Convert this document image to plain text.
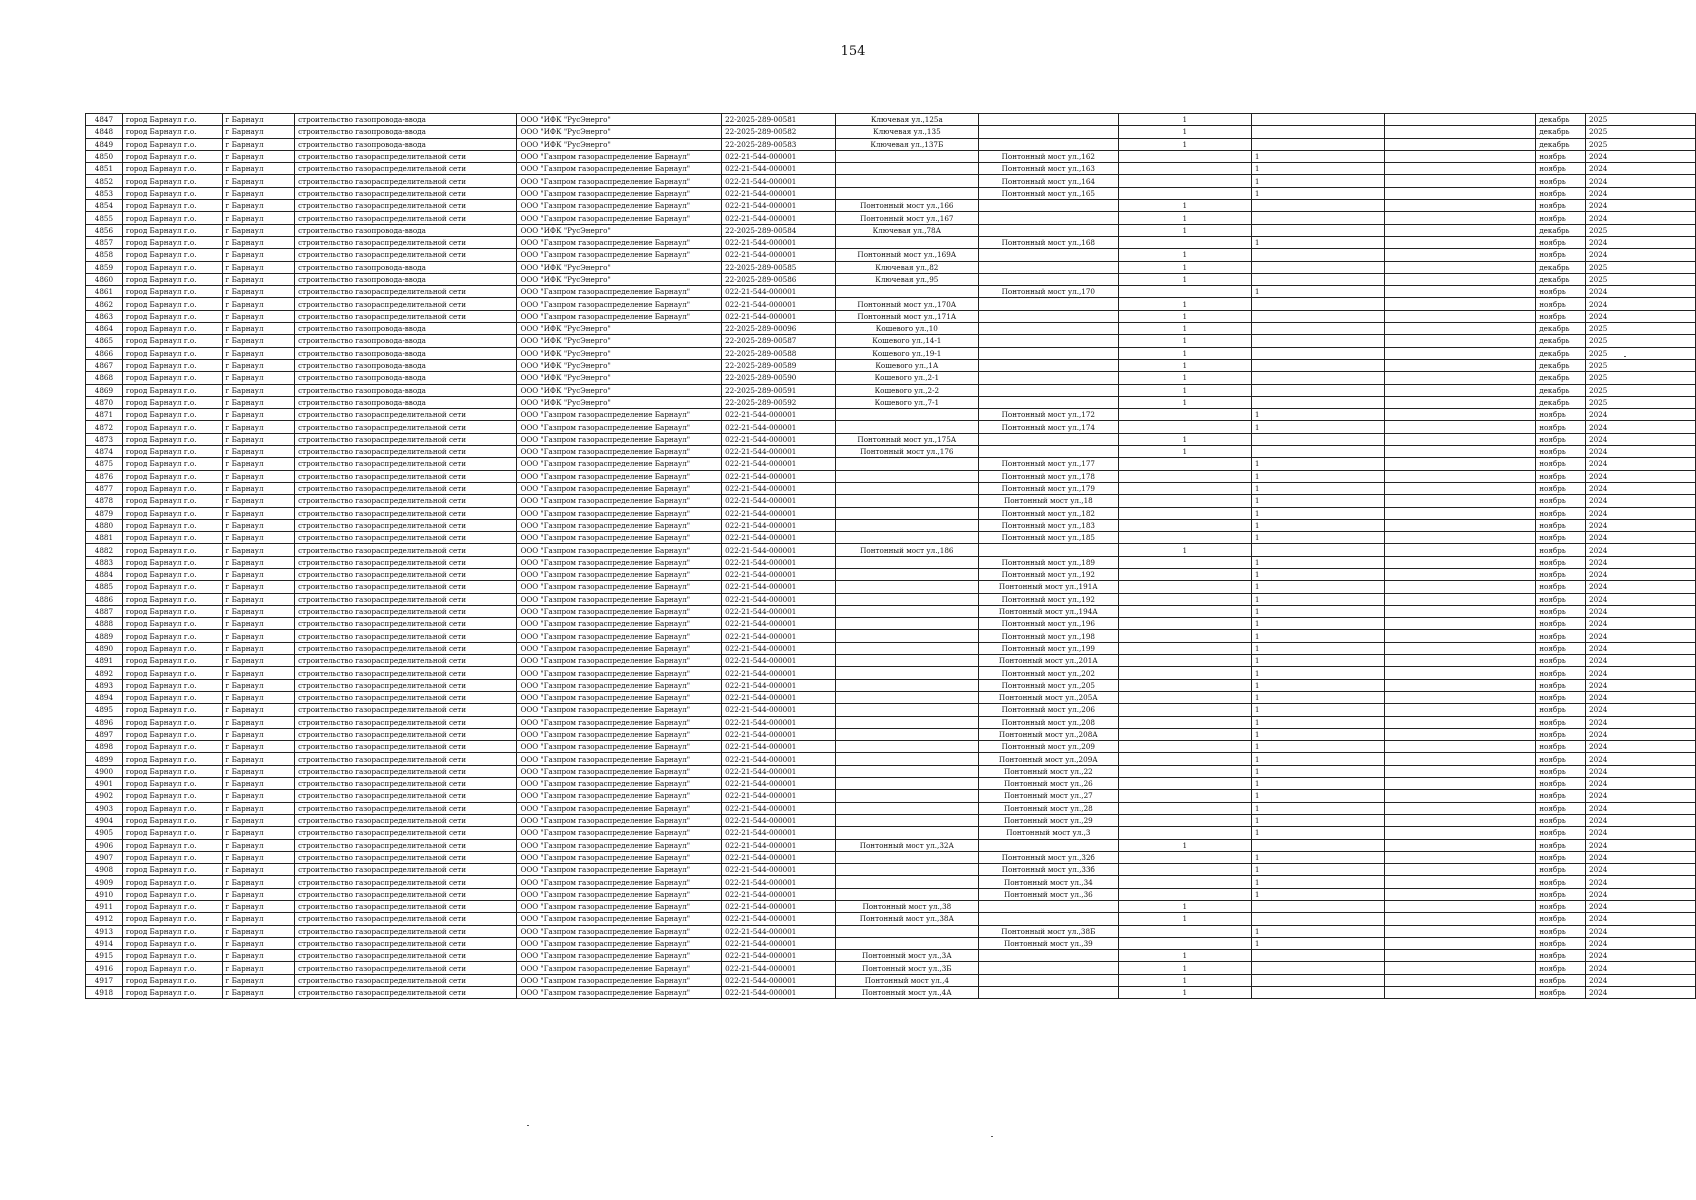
154
4847	город Барнаул г.о.	г Барнаул	строительство газопровода-ввода	ООО "ИФК "РусЭнерго"	22-2025-289-00581	Ключевая ул.,125а		1			декабрь	2025
4848	город Барнаул г.о.	г Барнаул	строительство газопровода-ввода	ООО "ИФК "РусЭнерго"	22-2025-289-00582	Ключевая ул.,135		1			декабрь	2025
4849	город Барнаул г.о.	г Барнаул	строительство газопровода-ввода	ООО "ИФК "РусЭнерго"	22-2025-289-00583	Ключевая ул.,137Б		1			декабрь	2025
4850	город Барнаул г.о.	г Барнаул	строительство газораспределительной сети	ООО "Газпром газораспределение Барнаул"	022-21-544-000001		Понтонный мост ул.,162		1		ноябрь	2024
4851	город Барнаул г.о.	г Барнаул	строительство газораспределительной сети	ООО "Газпром газораспределение Барнаул"	022-21-544-000001		Понтонный мост ул.,163		1		ноябрь	2024
4852	город Барнаул г.о.	г Барнаул	строительство газораспределительной сети	ООО "Газпром газораспределение Барнаул"	022-21-544-000001		Понтонный мост ул.,164		1		ноябрь	2024
4853	город Барнаул г.о.	г Барнаул	строительство газораспределительной сети	ООО "Газпром газораспределение Барнаул"	022-21-544-000001		Понтонный мост ул.,165		1		ноябрь	2024
4854	город Барнаул г.о.	г Барнаул	строительство газораспределительной сети	ООО "Газпром газораспределение Барнаул"	022-21-544-000001	Понтонный мост ул.,166		1			ноябрь	2024
4855	город Барнаул г.о.	г Барнаул	строительство газораспределительной сети	ООО "Газпром газораспределение Барнаул"	022-21-544-000001	Понтонный мост ул.,167		1			ноябрь	2024
4856	город Барнаул г.о.	г Барнаул	строительство газопровода-ввода	ООО "ИФК "РусЭнерго"	22-2025-289-00584	Ключевая ул.,78А		1			декабрь	2025
4857	город Барнаул г.о.	г Барнаул	строительство газораспределительной сети	ООО "Газпром газораспределение Барнаул"	022-21-544-000001		Понтонный мост ул.,168		1		ноябрь	2024
4858	город Барнаул г.о.	г Барнаул	строительство газораспределительной сети	ООО "Газпром газораспределение Барнаул"	022-21-544-000001	Понтонный мост ул.,169А		1			ноябрь	2024
4859	город Барнаул г.о.	г Барнаул	строительство газопровода-ввода	ООО "ИФК "РусЭнерго"	22-2025-289-00585	Ключевая ул.,82		1			декабрь	2025
4860	город Барнаул г.о.	г Барнаул	строительство газопровода-ввода	ООО "ИФК "РусЭнерго"	22-2025-289-00586	Ключевая ул.,95		1			декабрь	2025
4861	город Барнаул г.о.	г Барнаул	строительство газораспределительной сети	ООО "Газпром газораспределение Барнаул"	022-21-544-000001		Понтонный мост ул.,170		1		ноябрь	2024
4862	город Барнаул г.о.	г Барнаул	строительство газораспределительной сети	ООО "Газпром газораспределение Барнаул"	022-21-544-000001	Понтонный мост ул.,170А		1			ноябрь	2024
4863	город Барнаул г.о.	г Барнаул	строительство газораспределительной сети	ООО "Газпром газораспределение Барнаул"	022-21-544-000001	Понтонный мост ул.,171А		1			ноябрь	2024
4864	город Барнаул г.о.	г Барнаул	строительство газопровода-ввода	ООО "ИФК "РусЭнерго"	22-2025-289-00096	Кошевого ул.,10		1			декабрь	2025
4865	город Барнаул г.о.	г Барнаул	строительство газопровода-ввода	ООО "ИФК "РусЭнерго"	22-2025-289-00587	Кошевого ул.,14-1		1			декабрь	2025
4866	город Барнаул г.о.	г Барнаул	строительство газопровода-ввода	ООО "ИФК "РусЭнерго"	22-2025-289-00588	Кошевого ул.,19-1		1			декабрь	2025
4867	город Барнаул г.о.	г Барнаул	строительство газопровода-ввода	ООО "ИФК "РусЭнерго"	22-2025-289-00589	Кошевого ул.,1А		1			декабрь	2025
4868	город Барнаул г.о.	г Барнаул	строительство газопровода-ввода	ООО "ИФК "РусЭнерго"	22-2025-289-00590	Кошевого ул.,2-1		1			декабрь	2025
4869	город Барнаул г.о.	г Барнаул	строительство газопровода-ввода	ООО "ИФК "РусЭнерго"	22-2025-289-00591	Кошевого ул.,2-2		1			декабрь	2025
4870	город Барнаул г.о.	г Барнаул	строительство газопровода-ввода	ООО "ИФК "РусЭнерго"	22-2025-289-00592	Кошевого ул.,7-1		1			декабрь	2025
4871	город Барнаул г.о.	г Барнаул	строительство газораспределительной сети	ООО "Газпром газораспределение Барнаул"	022-21-544-000001		Понтонный мост ул.,172		1		ноябрь	2024
4872	город Барнаул г.о.	г Барнаул	строительство газораспределительной сети	ООО "Газпром газораспределение Барнаул"	022-21-544-000001		Понтонный мост ул.,174		1		ноябрь	2024
4873	город Барнаул г.о.	г Барнаул	строительство газораспределительной сети	ООО "Газпром газораспределение Барнаул"	022-21-544-000001	Понтонный мост ул.,175А		1			ноябрь	2024
4874	город Барнаул г.о.	г Барнаул	строительство газораспределительной сети	ООО "Газпром газораспределение Барнаул"	022-21-544-000001	Понтонный мост ул.,176		1			ноябрь	2024
4875	город Барнаул г.о.	г Барнаул	строительство газораспределительной сети	ООО "Газпром газораспределение Барнаул"	022-21-544-000001		Понтонный мост ул.,177		1		ноябрь	2024
4876	город Барнаул г.о.	г Барнаул	строительство газораспределительной сети	ООО "Газпром газораспределение Барнаул"	022-21-544-000001		Понтонный мост ул.,178		1		ноябрь	2024
4877	город Барнаул г.о.	г Барнаул	строительство газораспределительной сети	ООО "Газпром газораспределение Барнаул"	022-21-544-000001		Понтонный мост ул.,179		1		ноябрь	2024
4878	город Барнаул г.о.	г Барнаул	строительство газораспределительной сети	ООО "Газпром газораспределение Барнаул"	022-21-544-000001		Понтонный мост ул.,18		1		ноябрь	2024
4879	город Барнаул г.о.	г Барнаул	строительство газораспределительной сети	ООО "Газпром газораспределение Барнаул"	022-21-544-000001		Понтонный мост ул.,182		1		ноябрь	2024
4880	город Барнаул г.о.	г Барнаул	строительство газораспределительной сети	ООО "Газпром газораспределение Барнаул"	022-21-544-000001		Понтонный мост ул.,183		1		ноябрь	2024
4881	город Барнаул г.о.	г Барнаул	строительство газораспределительной сети	ООО "Газпром газораспределение Барнаул"	022-21-544-000001		Понтонный мост ул.,185		1		ноябрь	2024
4882	город Барнаул г.о.	г Барнаул	строительство газораспределительной сети	ООО "Газпром газораспределение Барнаул"	022-21-544-000001	Понтонный мост ул.,186		1			ноябрь	2024
4883	город Барнаул г.о.	г Барнаул	строительство газораспределительной сети	ООО "Газпром газораспределение Барнаул"	022-21-544-000001		Понтонный мост ул.,189		1		ноябрь	2024
4884	город Барнаул г.о.	г Барнаул	строительство газораспределительной сети	ООО "Газпром газораспределение Барнаул"	022-21-544-000001		Понтонный мост ул.,192		1		ноябрь	2024
4885	город Барнаул г.о.	г Барнаул	строительство газораспределительной сети	ООО "Газпром газораспределение Барнаул"	022-21-544-000001		Понтонный мост ул.,191А		1		ноябрь	2024
4886	город Барнаул г.о.	г Барнаул	строительство газораспределительной сети	ООО "Газпром газораспределение Барнаул"	022-21-544-000001		Понтонный мост ул.,192		1		ноябрь	2024
4887	город Барнаул г.о.	г Барнаул	строительство газораспределительной сети	ООО "Газпром газораспределение Барнаул"	022-21-544-000001		Понтонный мост ул.,194А		1		ноябрь	2024
4888	город Барнаул г.о.	г Барнаул	строительство газораспределительной сети	ООО "Газпром газораспределение Барнаул"	022-21-544-000001		Понтонный мост ул.,196		1		ноябрь	2024
4889	город Барнаул г.о.	г Барнаул	строительство газораспределительной сети	ООО "Газпром газораспределение Барнаул"	022-21-544-000001		Понтонный мост ул.,198		1		ноябрь	2024
4890	город Барнаул г.о.	г Барнаул	строительство газораспределительной сети	ООО "Газпром газораспределение Барнаул"	022-21-544-000001		Понтонный мост ул.,199		1		ноябрь	2024
4891	город Барнаул г.о.	г Барнаул	строительство газораспределительной сети	ООО "Газпром газораспределение Барнаул"	022-21-544-000001		Понтонный мост ул.,201А		1		ноябрь	2024
4892	город Барнаул г.о.	г Барнаул	строительство газораспределительной сети	ООО "Газпром газораспределение Барнаул"	022-21-544-000001		Понтонный мост ул.,202		1		ноябрь	2024
4893	город Барнаул г.о.	г Барнаул	строительство газораспределительной сети	ООО "Газпром газораспределение Барнаул"	022-21-544-000001		Понтонный мост ул.,205		1		ноябрь	2024
4894	город Барнаул г.о.	г Барнаул	строительство газораспределительной сети	ООО "Газпром газораспределение Барнаул"	022-21-544-000001		Понтонный мост ул.,205А		1		ноябрь	2024
4895	город Барнаул г.о.	г Барнаул	строительство газораспределительной сети	ООО "Газпром газораспределение Барнаул"	022-21-544-000001		Понтонный мост ул.,206		1		ноябрь	2024
4896	город Барнаул г.о.	г Барнаул	строительство газораспределительной сети	ООО "Газпром газораспределение Барнаул"	022-21-544-000001		Понтонный мост ул.,208		1		ноябрь	2024
4897	город Барнаул г.о.	г Барнаул	строительство газораспределительной сети	ООО "Газпром газораспределение Барнаул"	022-21-544-000001		Понтонный мост ул.,208А		1		ноябрь	2024
4898	город Барнаул г.о.	г Барнаул	строительство газораспределительной сети	ООО "Газпром газораспределение Барнаул"	022-21-544-000001		Понтонный мост ул.,209		1		ноябрь	2024
4899	город Барнаул г.о.	г Барнаул	строительство газораспределительной сети	ООО "Газпром газораспределение Барнаул"	022-21-544-000001		Понтонный мост ул.,209А		1		ноябрь	2024
4900	город Барнаул г.о.	г Барнаул	строительство газораспределительной сети	ООО "Газпром газораспределение Барнаул"	022-21-544-000001		Понтонный мост ул.,22		1		ноябрь	2024
4901	город Барнаул г.о.	г Барнаул	строительство газораспределительной сети	ООО "Газпром газораспределение Барнаул"	022-21-544-000001		Понтонный мост ул.,26		1		ноябрь	2024
4902	город Барнаул г.о.	г Барнаул	строительство газораспределительной сети	ООО "Газпром газораспределение Барнаул"	022-21-544-000001		Понтонный мост ул.,27		1		ноябрь	2024
4903	город Барнаул г.о.	г Барнаул	строительство газораспределительной сети	ООО "Газпром газораспределение Барнаул"	022-21-544-000001		Понтонный мост ул.,28		1		ноябрь	2024
4904	город Барнаул г.о.	г Барнаул	строительство газораспределительной сети	ООО "Газпром газораспределение Барнаул"	022-21-544-000001		Понтонный мост ул.,29		1		ноябрь	2024
4905	город Барнаул г.о.	г Барнаул	строительство газораспределительной сети	ООО "Газпром газораспределение Барнаул"	022-21-544-000001		Понтонный мост ул.,3		1		ноябрь	2024
4906	город Барнаул г.о.	г Барнаул	строительство газораспределительной сети	ООО "Газпром газораспределение Барнаул"	022-21-544-000001	Понтонный мост ул.,32А		1			ноябрь	2024
4907	город Барнаул г.о.	г Барнаул	строительство газораспределительной сети	ООО "Газпром газораспределение Барнаул"	022-21-544-000001		Понтонный мост ул.,32б		1		ноябрь	2024
4908	город Барнаул г.о.	г Барнаул	строительство газораспределительной сети	ООО "Газпром газораспределение Барнаул"	022-21-544-000001		Понтонный мост ул.,33б		1		ноябрь	2024
4909	город Барнаул г.о.	г Барнаул	строительство газораспределительной сети	ООО "Газпром газораспределение Барнаул"	022-21-544-000001		Понтонный мост ул.,34		1		ноябрь	2024
4910	город Барнаул г.о.	г Барнаул	строительство газораспределительной сети	ООО "Газпром газораспределение Барнаул"	022-21-544-000001		Понтонный мост ул.,36		1		ноябрь	2024
4911	город Барнаул г.о.	г Барнаул	строительство газораспределительной сети	ООО "Газпром газораспределение Барнаул"	022-21-544-000001	Понтонный мост ул.,38		1			ноябрь	2024
4912	город Барнаул г.о.	г Барнаул	строительство газораспределительной сети	ООО "Газпром газораспределение Барнаул"	022-21-544-000001	Понтонный мост ул.,38А		1			ноябрь	2024
4913	город Барнаул г.о.	г Барнаул	строительство газораспределительной сети	ООО "Газпром газораспределение Барнаул"	022-21-544-000001		Понтонный мост ул.,38Б		1		ноябрь	2024
4914	город Барнаул г.о.	г Барнаул	строительство газораспределительной сети	ООО "Газпром газораспределение Барнаул"	022-21-544-000001		Понтонный мост ул.,39		1		ноябрь	2024
4915	город Барнаул г.о.	г Барнаул	строительство газораспределительной сети	ООО "Газпром газораспределение Барнаул"	022-21-544-000001	Понтонный мост ул.,3А		1			ноябрь	2024
4916	город Барнаул г.о.	г Барнаул	строительство газораспределительной сети	ООО "Газпром газораспределение Барнаул"	022-21-544-000001	Понтонный мост ул.,3Б		1			ноябрь	2024
4917	город Барнаул г.о.	г Барнаул	строительство газораспределительной сети	ООО "Газпром газораспределение Барнаул"	022-21-544-000001	Понтонный мост ул.,4		1			ноябрь	2024
4918	город Барнаул г.о.	г Барнаул	строительство газораспределительной сети	ООО "Газпром газораспределение Барнаул"	022-21-544-000001	Понтонный мост ул.,4А		1			ноябрь	2024
